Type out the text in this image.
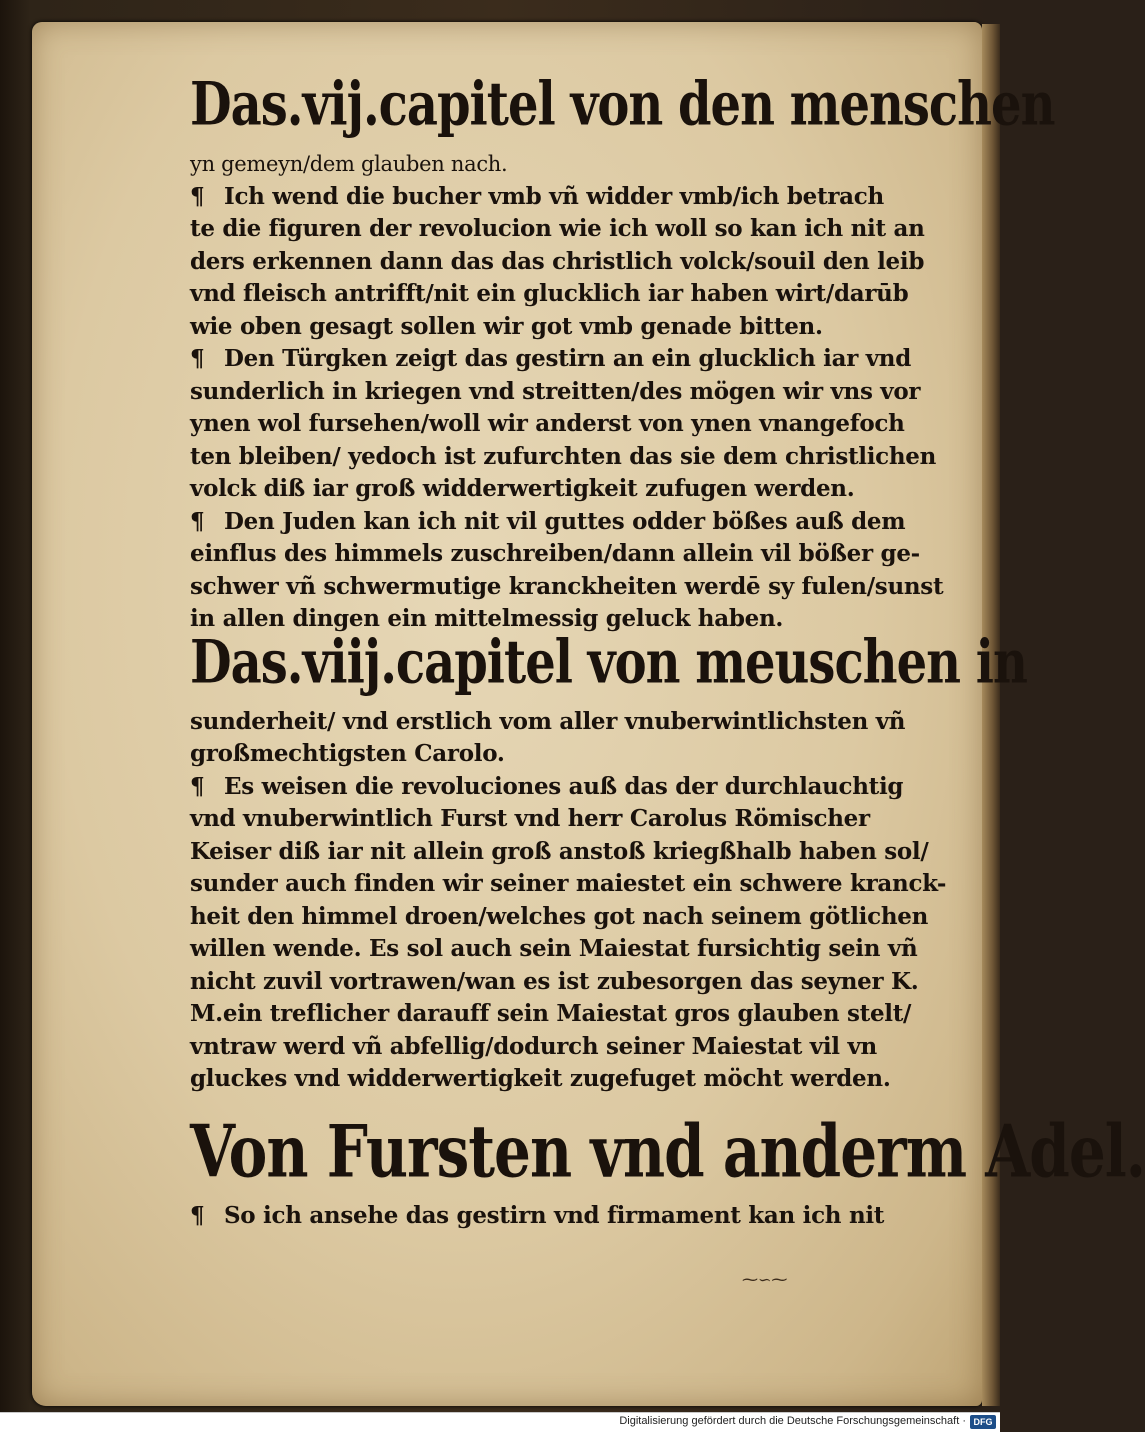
Das.vij.capitel von den menschen
yn gemeyn/dem glauben nach.
¶ Ich wend die bucher vmb vñ widder vmb/ich betrach
te die figuren der revolucion wie ich woll so kan ich nit an
ders erkennen dann das das christlich volck/souil den leib
vnd fleisch antrifft/nit ein glucklich iar haben wirt/darūb
wie oben gesagt sollen wir got vmb genade bitten.
¶ Den Türgken zeigt das gestirn an ein glucklich iar vnd
sunderlich in kriegen vnd streitten/des mögen wir vns vor
ynen wol fursehen/woll wir anderst von ynen vnangefoch
ten bleiben/ yedoch ist zufurchten das sie dem christlichen
volck diß iar groß widderwertigkeit zufugen werden.
¶ Den Juden kan ich nit vil guttes odder bößes auß dem
einflus des himmels zuschreiben/dann allein vil bößer ge-
schwer vñ schwermutige kranckheiten werdē sy fulen/sunst
in allen dingen ein mittelmessig geluck haben.
Das.viij.capitel von meuschen in
sunderheit/ vnd erstlich vom aller vnuberwintlichsten vñ
großmechtigsten Carolo.
¶ Es weisen die revoluciones auß das der durchlauchtig
vnd vnuberwintlich Furst vnd herr Carolus Römischer
Keiser diß iar nit allein groß anstoß kriegßhalb haben sol/
sunder auch finden wir seiner maiestet ein schwere kranck-
heit den himmel droen/welches got nach seinem götlichen
willen wende. Es sol auch sein Maiestat fursichtig sein vñ
nicht zuvil vortrawen/wan es ist zubesorgen das seyner K.
M.ein treflicher darauff sein Maiestat gros glauben stelt/
vntraw werd vñ abfellig/dodurch seiner Maiestat vil vn
gluckes vnd widderwertigkeit zugefuget möcht werden.
Von Fursten vnd anderm Adel.
¶ So ich ansehe das gestirn vnd firmament kan ich nit
⁓∽⁓
Digitalisierung gefördert durch die Deutsche Forschungsgemeinschaft · DFG
